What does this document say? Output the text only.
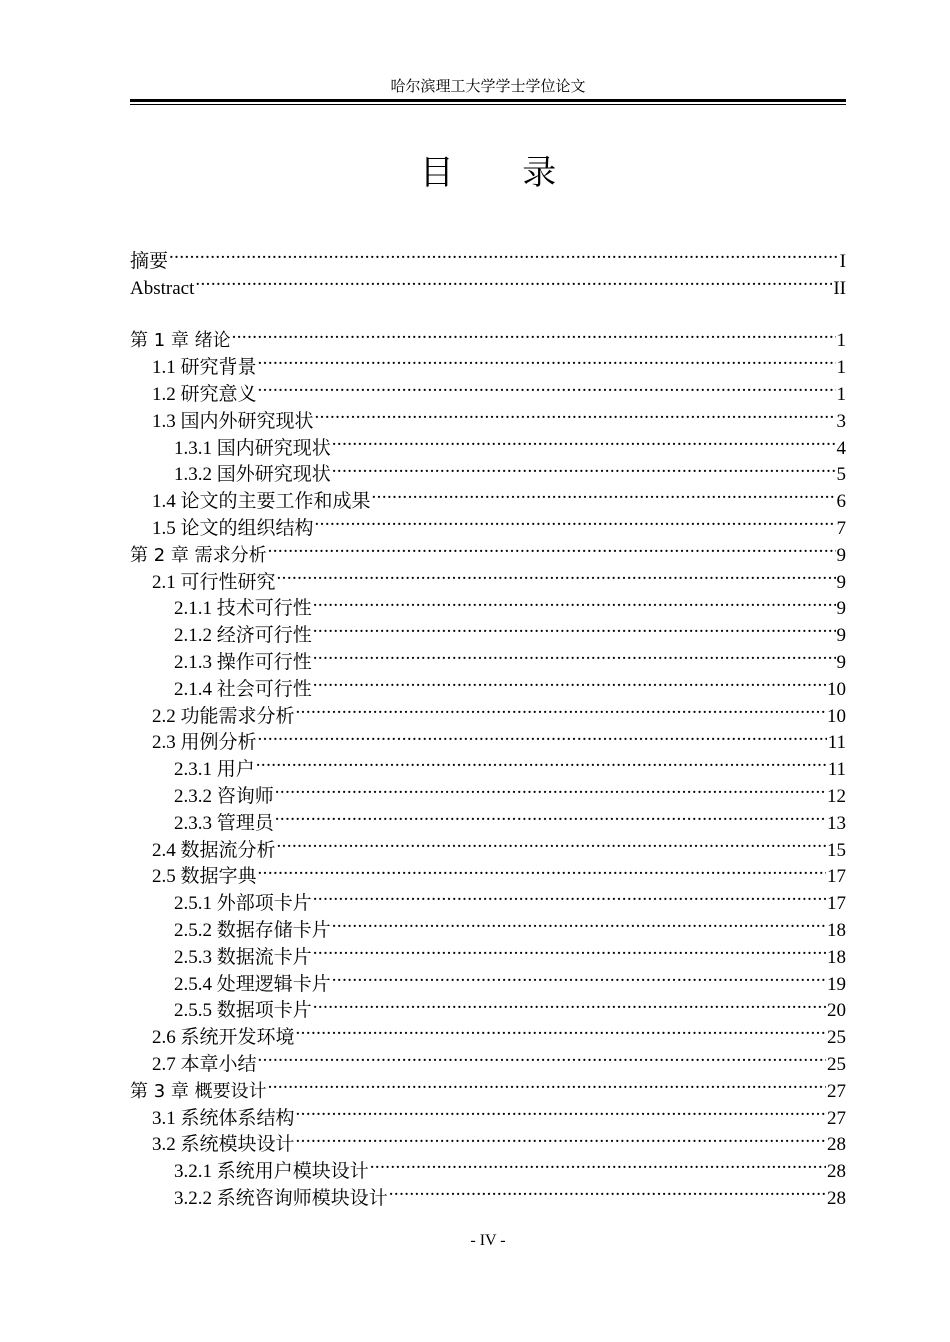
哈尔滨理工大学学士学位论文
目 录
摘要 .....	I
Abstract .....	II
第 1 章 绪论 .....	1
1.1 研究背景 .....	1
1.2 研究意义 .....	1
1.3 国内外研究现状 .....	3
1.3.1 国内研究现状 .....	4
1.3.2 国外研究现状 .....	5
1.4 论文的主要工作和成果 .....	6
1.5 论文的组织结构 .....	7
第 2 章 需求分析 .....	9
2.1 可行性研究 .....	9
2.1.1 技术可行性 .....	9
2.1.2 经济可行性 .....	9
2.1.3 操作可行性 .....	9
2.1.4 社会可行性 .....	10
2.2 功能需求分析 .....	10
2.3 用例分析 .....	11
2.3.1 用户 .....	11
2.3.2 咨询师 .....	12
2.3.3 管理员 .....	13
2.4 数据流分析 .....	15
2.5 数据字典 .....	17
2.5.1 外部项卡片 .....	17
2.5.2 数据存储卡片 .....	18
2.5.3 数据流卡片 .....	18
2.5.4 处理逻辑卡片 .....	19
2.5.5 数据项卡片 .....	20
2.6 系统开发环境 .....	25
2.7 本章小结 .....	25
第 3 章 概要设计 .....	27
3.1 系统体系结构 .....	27
3.2 系统模块设计 .....	28
3.2.1 系统用户模块设计 .....	28
3.2.2 系统咨询师模块设计 .....	28
- IV -
